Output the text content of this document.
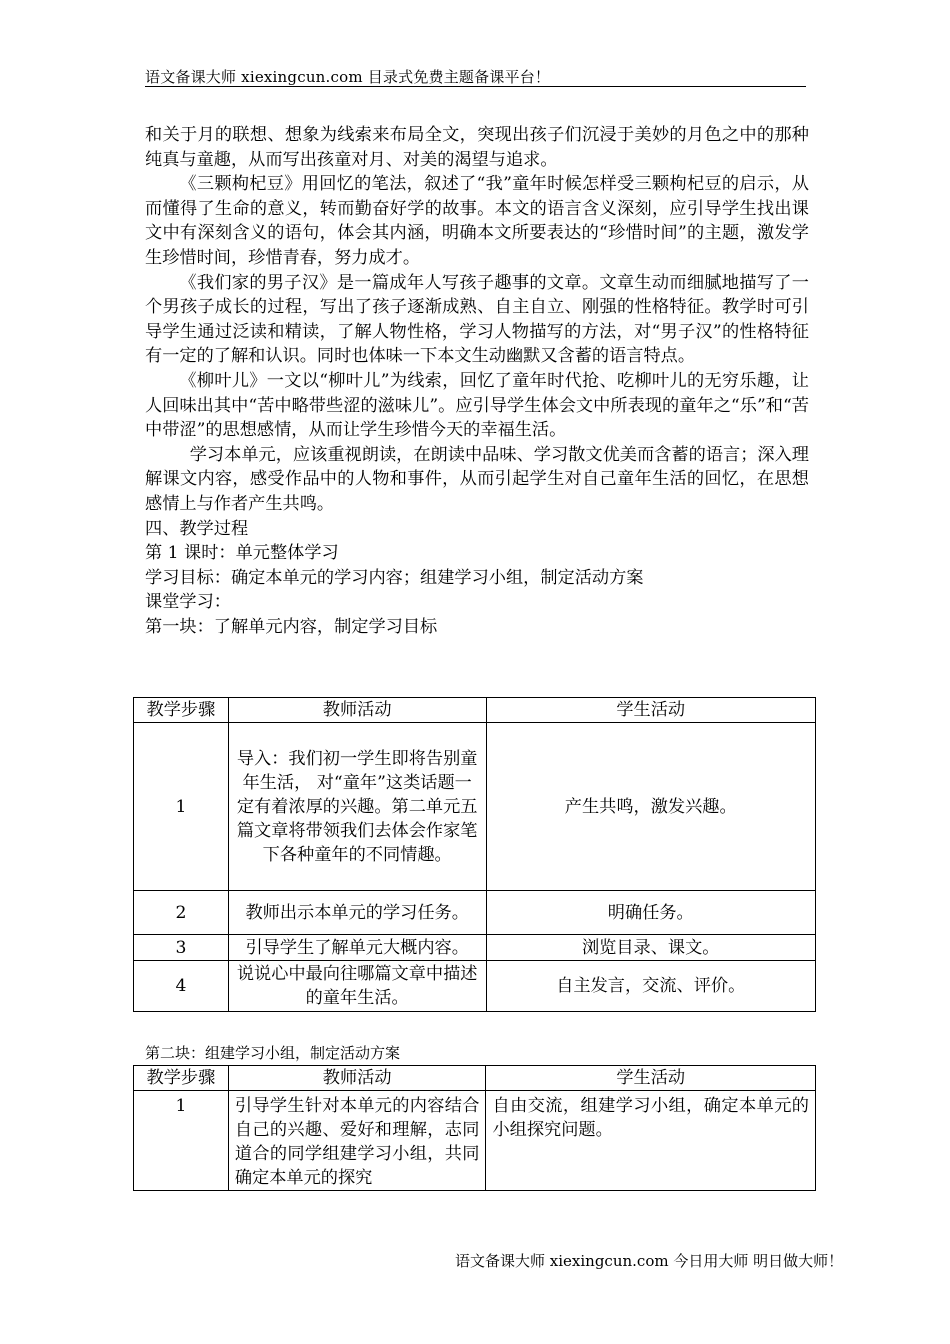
语文备课大师 xiexingcun.com 目录式免费主题备课平台！

和关于月的联想、想象为线索来布局全文，突现出孩子们沉浸于美妙的月色之中的那种纯真与童趣，从而写出孩童对月、对美的渴望与追求。

《三颗枸杞豆》用回忆的笔法，叙述了“我”童年时候怎样受三颗枸杞豆的启示，从而懂得了生命的意义，转而勤奋好学的故事。本文的语言含义深刻，应引导学生找出课文中有深刻含义的语句，体会其内涵，明确本文所要表达的“珍惜时间”的主题，激发学生珍惜时间，珍惜青春，努力成才。

《我们家的男子汉》是一篇成年人写孩子趣事的文章。文章生动而细腻地描写了一个男孩子成长的过程，写出了孩子逐渐成熟、自主自立、刚强的性格特征。教学时可引导学生通过泛读和精读，了解人物性格，学习人物描写的方法，对“男子汉”的性格特征有一定的了解和认识。同时也体味一下本文生动幽默又含蓄的语言特点。

《柳叶儿》一文以“柳叶儿”为线索，回忆了童年时代抢、吃柳叶儿的无穷乐趣，让人回味出其中“苦中略带些涩的滋味儿”。应引导学生体会文中所表现的童年之“乐”和“苦中带涩”的思想感情，从而让学生珍惜今天的幸福生活。

学习本单元，应该重视朗读，在朗读中品味、学习散文优美而含蓄的语言；深入理解课文内容，感受作品中的人物和事件，从而引起学生对自己童年生活的回忆，在思想感情上与作者产生共鸣。

四、教学过程

第 1 课时：单元整体学习

学习目标：确定本单元的学习内容；组建学习小组，制定活动方案

课堂学习：

第一块：了解单元内容，制定学习目标

教学步骤	教师活动	学生活动
1	导入：我们初一学生即将告别童年生活， 对“童年”这类话题一定有着浓厚的兴趣。第二单元五篇文章将带领我们去体会作家笔下各种童年的不同情趣。	产生共鸣，激发兴趣。
2	教师出示本单元的学习任务。	明确任务。
3	引导学生了解单元大概内容。	浏览目录、课文。
4	说说心中最向往哪篇文章中描述的童年生活。	自主发言，交流、评价。
第二块：组建学习小组，制定活动方案
教学步骤	教师活动	学生活动
1	引导学生针对本单元的内容结合自己的兴趣、爱好和理解，志同道合的同学组建学习小组，共同确定本单元的探究	自由交流，组建学习小组，确定本单元的小组探究问题。
语文备课大师 xiexingcun.com 今日用大师 明日做大师！
